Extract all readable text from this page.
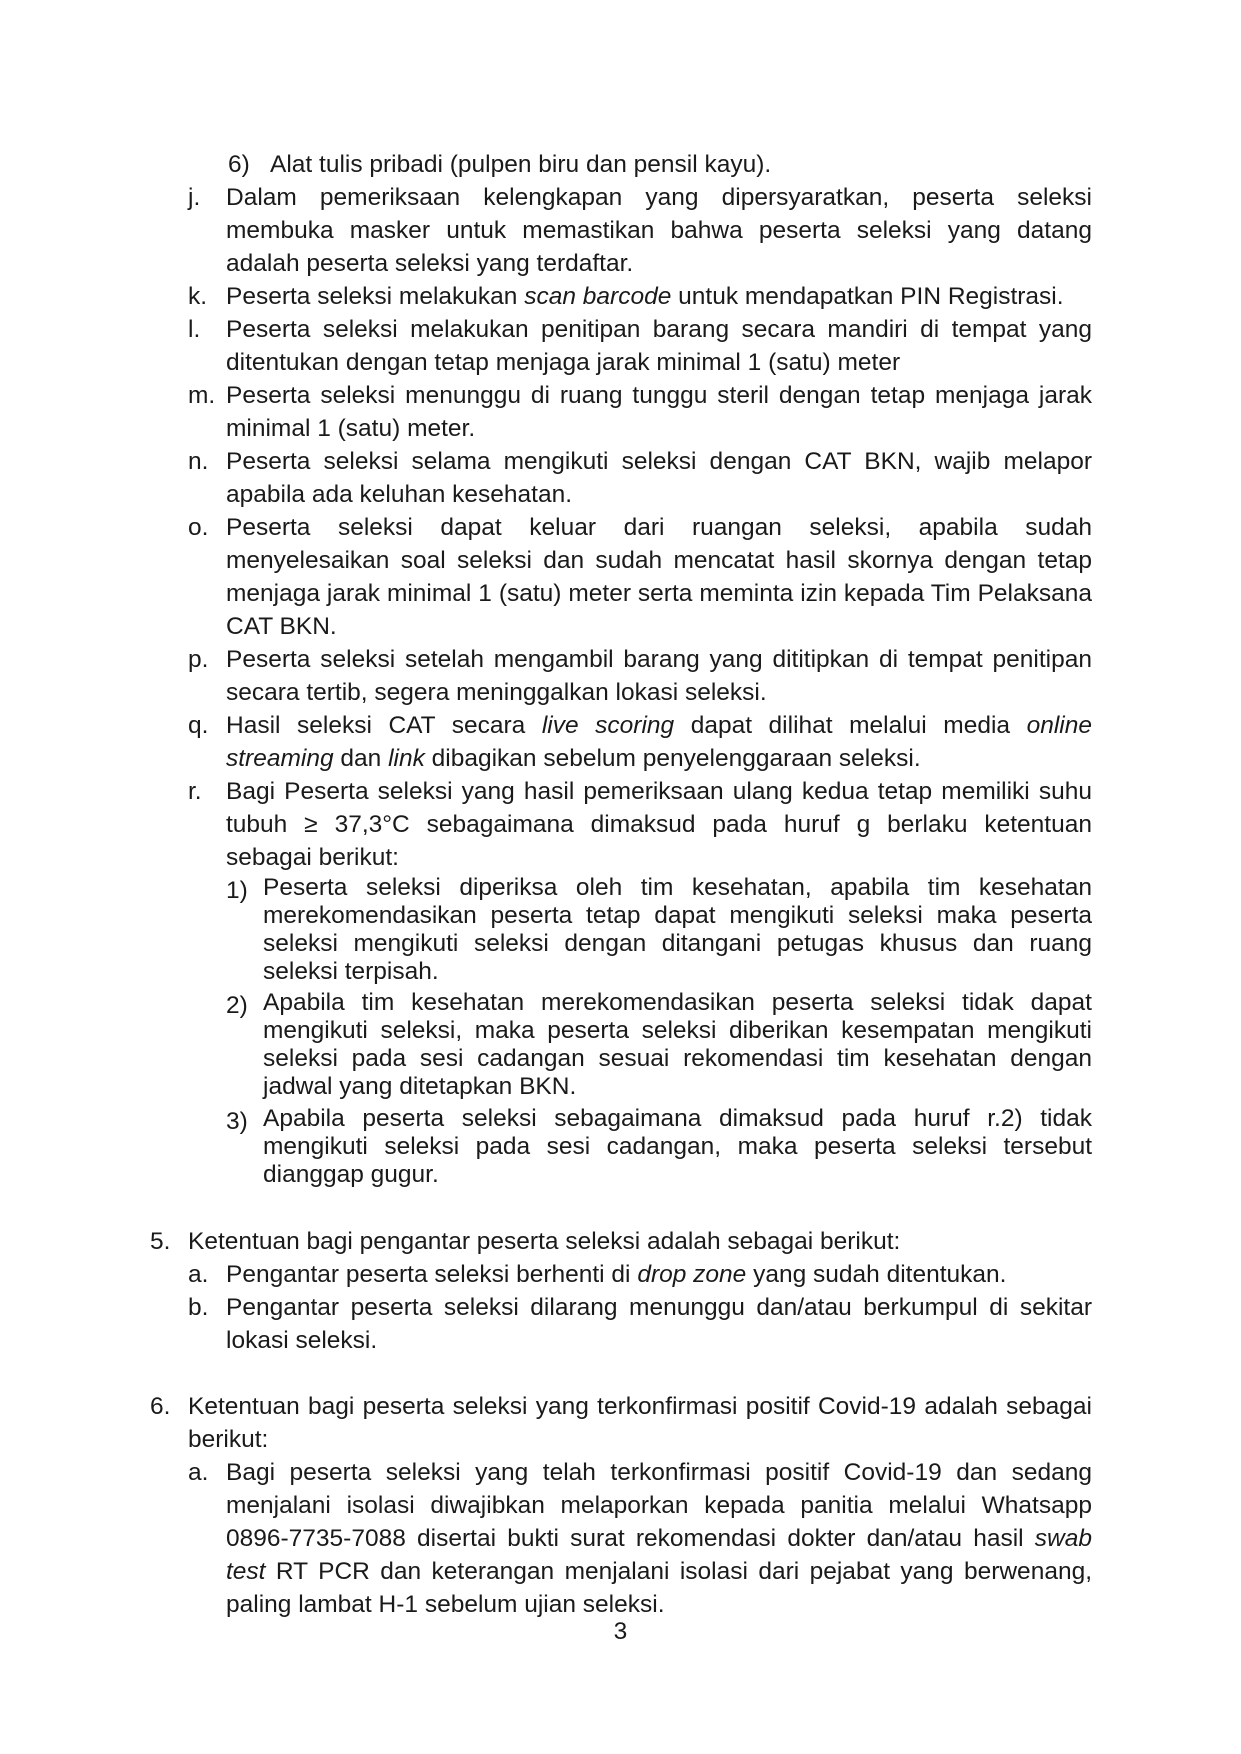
6) Alat tulis pribadi (pulpen biru dan pensil kayu).
j. Dalam pemeriksaan kelengkapan yang dipersyaratkan, peserta seleksi membuka masker untuk memastikan bahwa peserta seleksi yang datang adalah peserta seleksi yang terdaftar.
k. Peserta seleksi melakukan scan barcode untuk mendapatkan PIN Registrasi.
l. Peserta seleksi melakukan penitipan barang secara mandiri di tempat yang ditentukan dengan tetap menjaga jarak minimal 1 (satu) meter
m. Peserta seleksi menunggu di ruang tunggu steril dengan tetap menjaga jarak minimal 1 (satu) meter.
n. Peserta seleksi selama mengikuti seleksi dengan CAT BKN, wajib melapor apabila ada keluhan kesehatan.
o. Peserta seleksi dapat keluar dari ruangan seleksi, apabila sudah menyelesaikan soal seleksi dan sudah mencatat hasil skornya dengan tetap menjaga jarak minimal 1 (satu) meter serta meminta izin kepada Tim Pelaksana CAT BKN.
p. Peserta seleksi setelah mengambil barang yang dititipkan di tempat penitipan secara tertib, segera meninggalkan lokasi seleksi.
q. Hasil seleksi CAT secara live scoring dapat dilihat melalui media online streaming dan link dibagikan sebelum penyelenggaraan seleksi.
r. Bagi Peserta seleksi yang hasil pemeriksaan ulang kedua tetap memiliki suhu tubuh ≥ 37,3°C sebagaimana dimaksud pada huruf g berlaku ketentuan sebagai berikut:
1) Peserta seleksi diperiksa oleh tim kesehatan, apabila tim kesehatan merekomendasikan peserta tetap dapat mengikuti seleksi maka peserta seleksi mengikuti seleksi dengan ditangani petugas khusus dan ruang seleksi terpisah.
2) Apabila tim kesehatan merekomendasikan peserta seleksi tidak dapat mengikuti seleksi, maka peserta seleksi diberikan kesempatan mengikuti seleksi pada sesi cadangan sesuai rekomendasi tim kesehatan dengan jadwal yang ditetapkan BKN.
3) Apabila peserta seleksi sebagaimana dimaksud pada huruf r.2) tidak mengikuti seleksi pada sesi cadangan, maka peserta seleksi tersebut dianggap gugur.
5. Ketentuan bagi pengantar peserta seleksi adalah sebagai berikut:
a. Pengantar peserta seleksi berhenti di drop zone yang sudah ditentukan.
b. Pengantar peserta seleksi dilarang menunggu dan/atau berkumpul di sekitar lokasi seleksi.
6. Ketentuan bagi peserta seleksi yang terkonfirmasi positif Covid-19 adalah sebagai berikut:
a. Bagi peserta seleksi yang telah terkonfirmasi positif Covid-19 dan sedang menjalani isolasi diwajibkan melaporkan kepada panitia melalui Whatsapp 0896-7735-7088 disertai bukti surat rekomendasi dokter dan/atau hasil swab test RT PCR dan keterangan menjalani isolasi dari pejabat yang berwenang, paling lambat H-1 sebelum ujian seleksi.
3
